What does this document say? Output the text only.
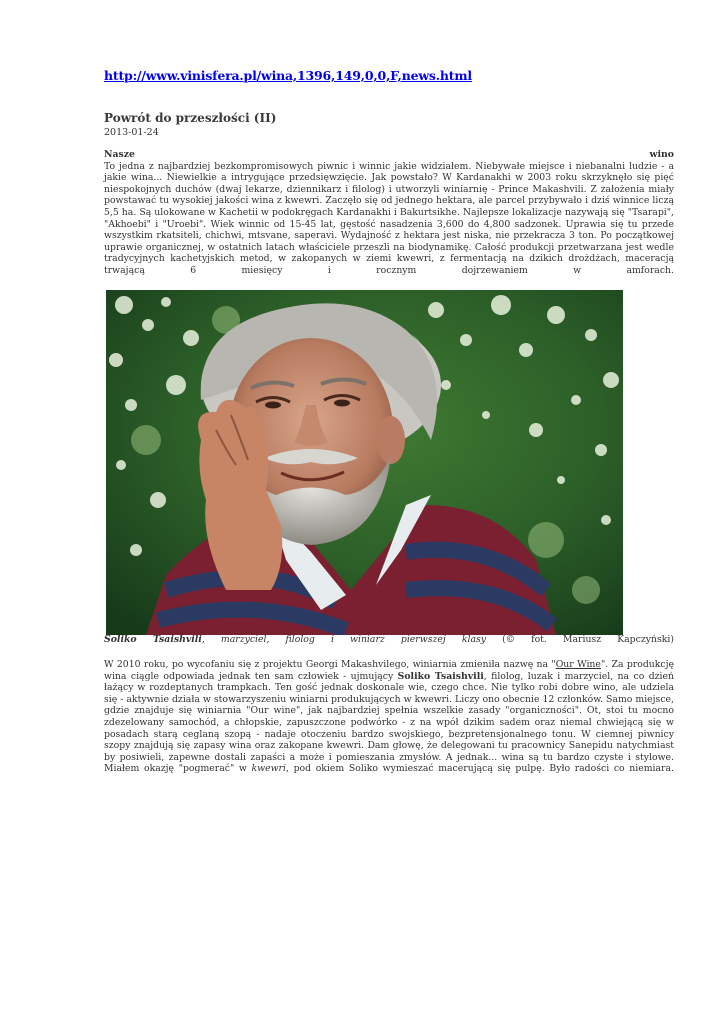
http://www.vinisfera.pl/wina,1396,149,0,0,F,news.html
Powrót do przeszłości (II)
2013-01-24
Nasze	wino
To jedna z najbardziej bezkompromisowych piwnic i winnic jakie widziałem. Niebywałe miejsce i niebanalni ludzie - a jakie wina... Niewielkie a intrygujące przedsięwzięcie. Jak powstało? W Kardanakhi w 2003 roku skrzyknęło się pięć niespokojnych duchów (dwaj lekarze, dziennikarz i filolog) i utworzyli winiarnię - Prince Makashvili. Z założenia miały powstawać tu wysokiej jakości wina z kwewri. Zaczęło się od jednego hektara, ale parcel przybywało i dziś winnice liczą 5,5 ha. Są ulokowane w Kachetii w podokręgach Kardanakhi i Bakurtsikhe. Najlepsze lokalizacje nazywają się "Tsarapi", "Akhoebi" i "Uroebi". Wiek winnic od 15-45 lat, gęstość nasadzenia 3,600 do 4,800 sadzonek. Uprawia się tu przede wszystkim rkatsiteli, chichwi, mtsvane, saperavi. Wydajność z hektara jest niska, nie przekracza 3 ton. Po początkowej uprawie organicznej, w ostatnich latach właściciele przeszli na biodynamikę. Całość produkcji przetwarzana jest wedle tradycyjnych kachetyjskich metod, w zakopanych w ziemi kwewri, z fermentacją na dzikich drożdżach, maceracją trwającą 6 miesięcy i rocznym dojrzewaniem w amforach.
Soliko Tsaishvili, marzyciel, filolog i winiarz pierwszej klasy (© fot. Mariusz Kapczyński)
W 2010 roku, po wycofaniu się z projektu Georgi Makashvilego, winiarnia zmieniła nazwę na "Our Wine". Za produkcję wina ciągle odpowiada jednak ten sam człowiek - ujmujący Soliko Tsaishvili, filolog, luzak i marzyciel, na co dzień łażący w rozdeptanych trampkach. Ten gość jednak doskonale wie, czego chce. Nie tylko robi dobre wino, ale udziela się - aktywnie działa w stowarzyszeniu winiarni produkujących w kwewri. Liczy ono obecnie 12 członków. Samo miejsce, gdzie znajduje się winiarnia "Our wine", jak najbardziej spełnia wszelkie zasady "organiczności". Ot, stoi tu mocno zdezelowany samochód, a chłopskie, zapuszczone podwórko - z na wpół dzikim sadem oraz niemal chwiejącą się w posadach starą ceglaną szopą - nadaje otoczeniu bardzo swojskiego, bezpretensjonalnego tonu. W ciemnej piwnicy szopy znajdują się zapasy wina oraz zakopane kwewri. Dam głowę, że delegowani tu pracownicy Sanepidu natychmiast by posiwieli, zapewne dostali zapaści a może i pomieszania zmysłów. A jednak... wina są tu bardzo czyste i stylowe. Miałem okazję "pogmerać" w kwewri, pod okiem Soliko wymieszać macerującą się pulpę. Było radości co niemiara.
